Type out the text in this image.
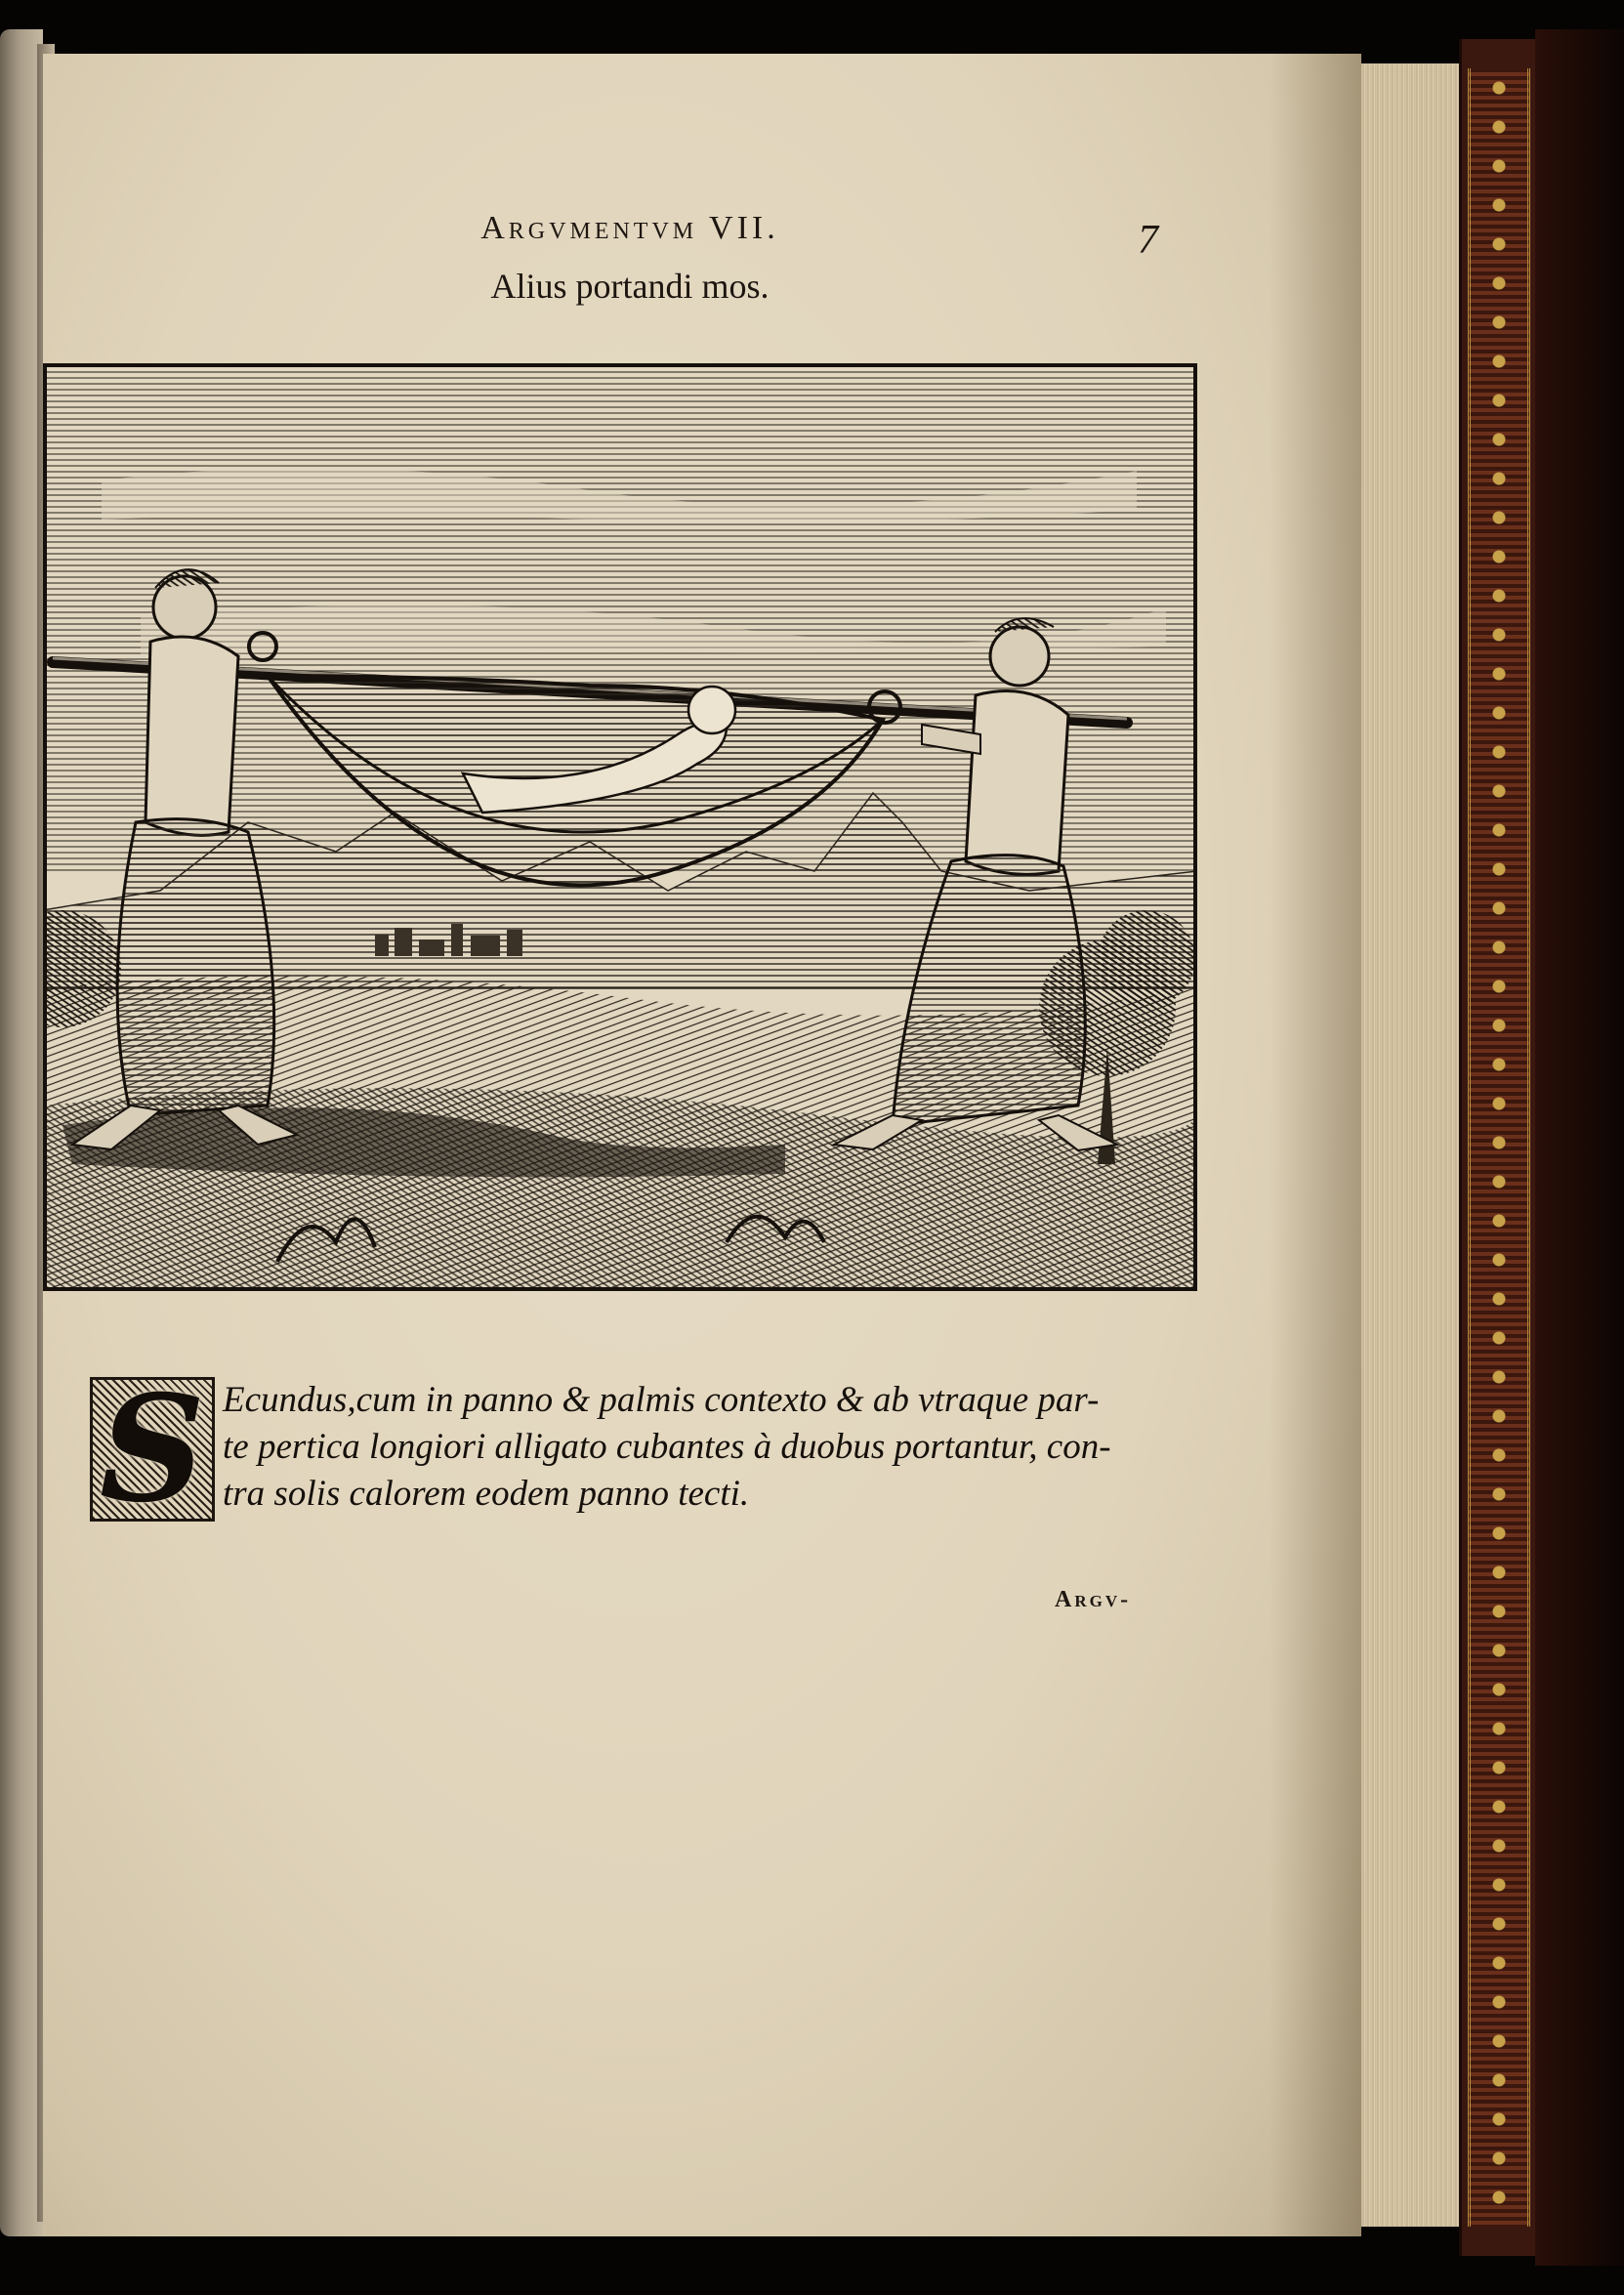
Argvmentvm VII.	7
Alius portandi mos.
S Ecundus,cum in panno & palmis contexto & ab vtraque par-
te pertica longiori alligato cubantes à duobus portantur, con-
tra solis calorem eodem panno tecti.
Argv-
